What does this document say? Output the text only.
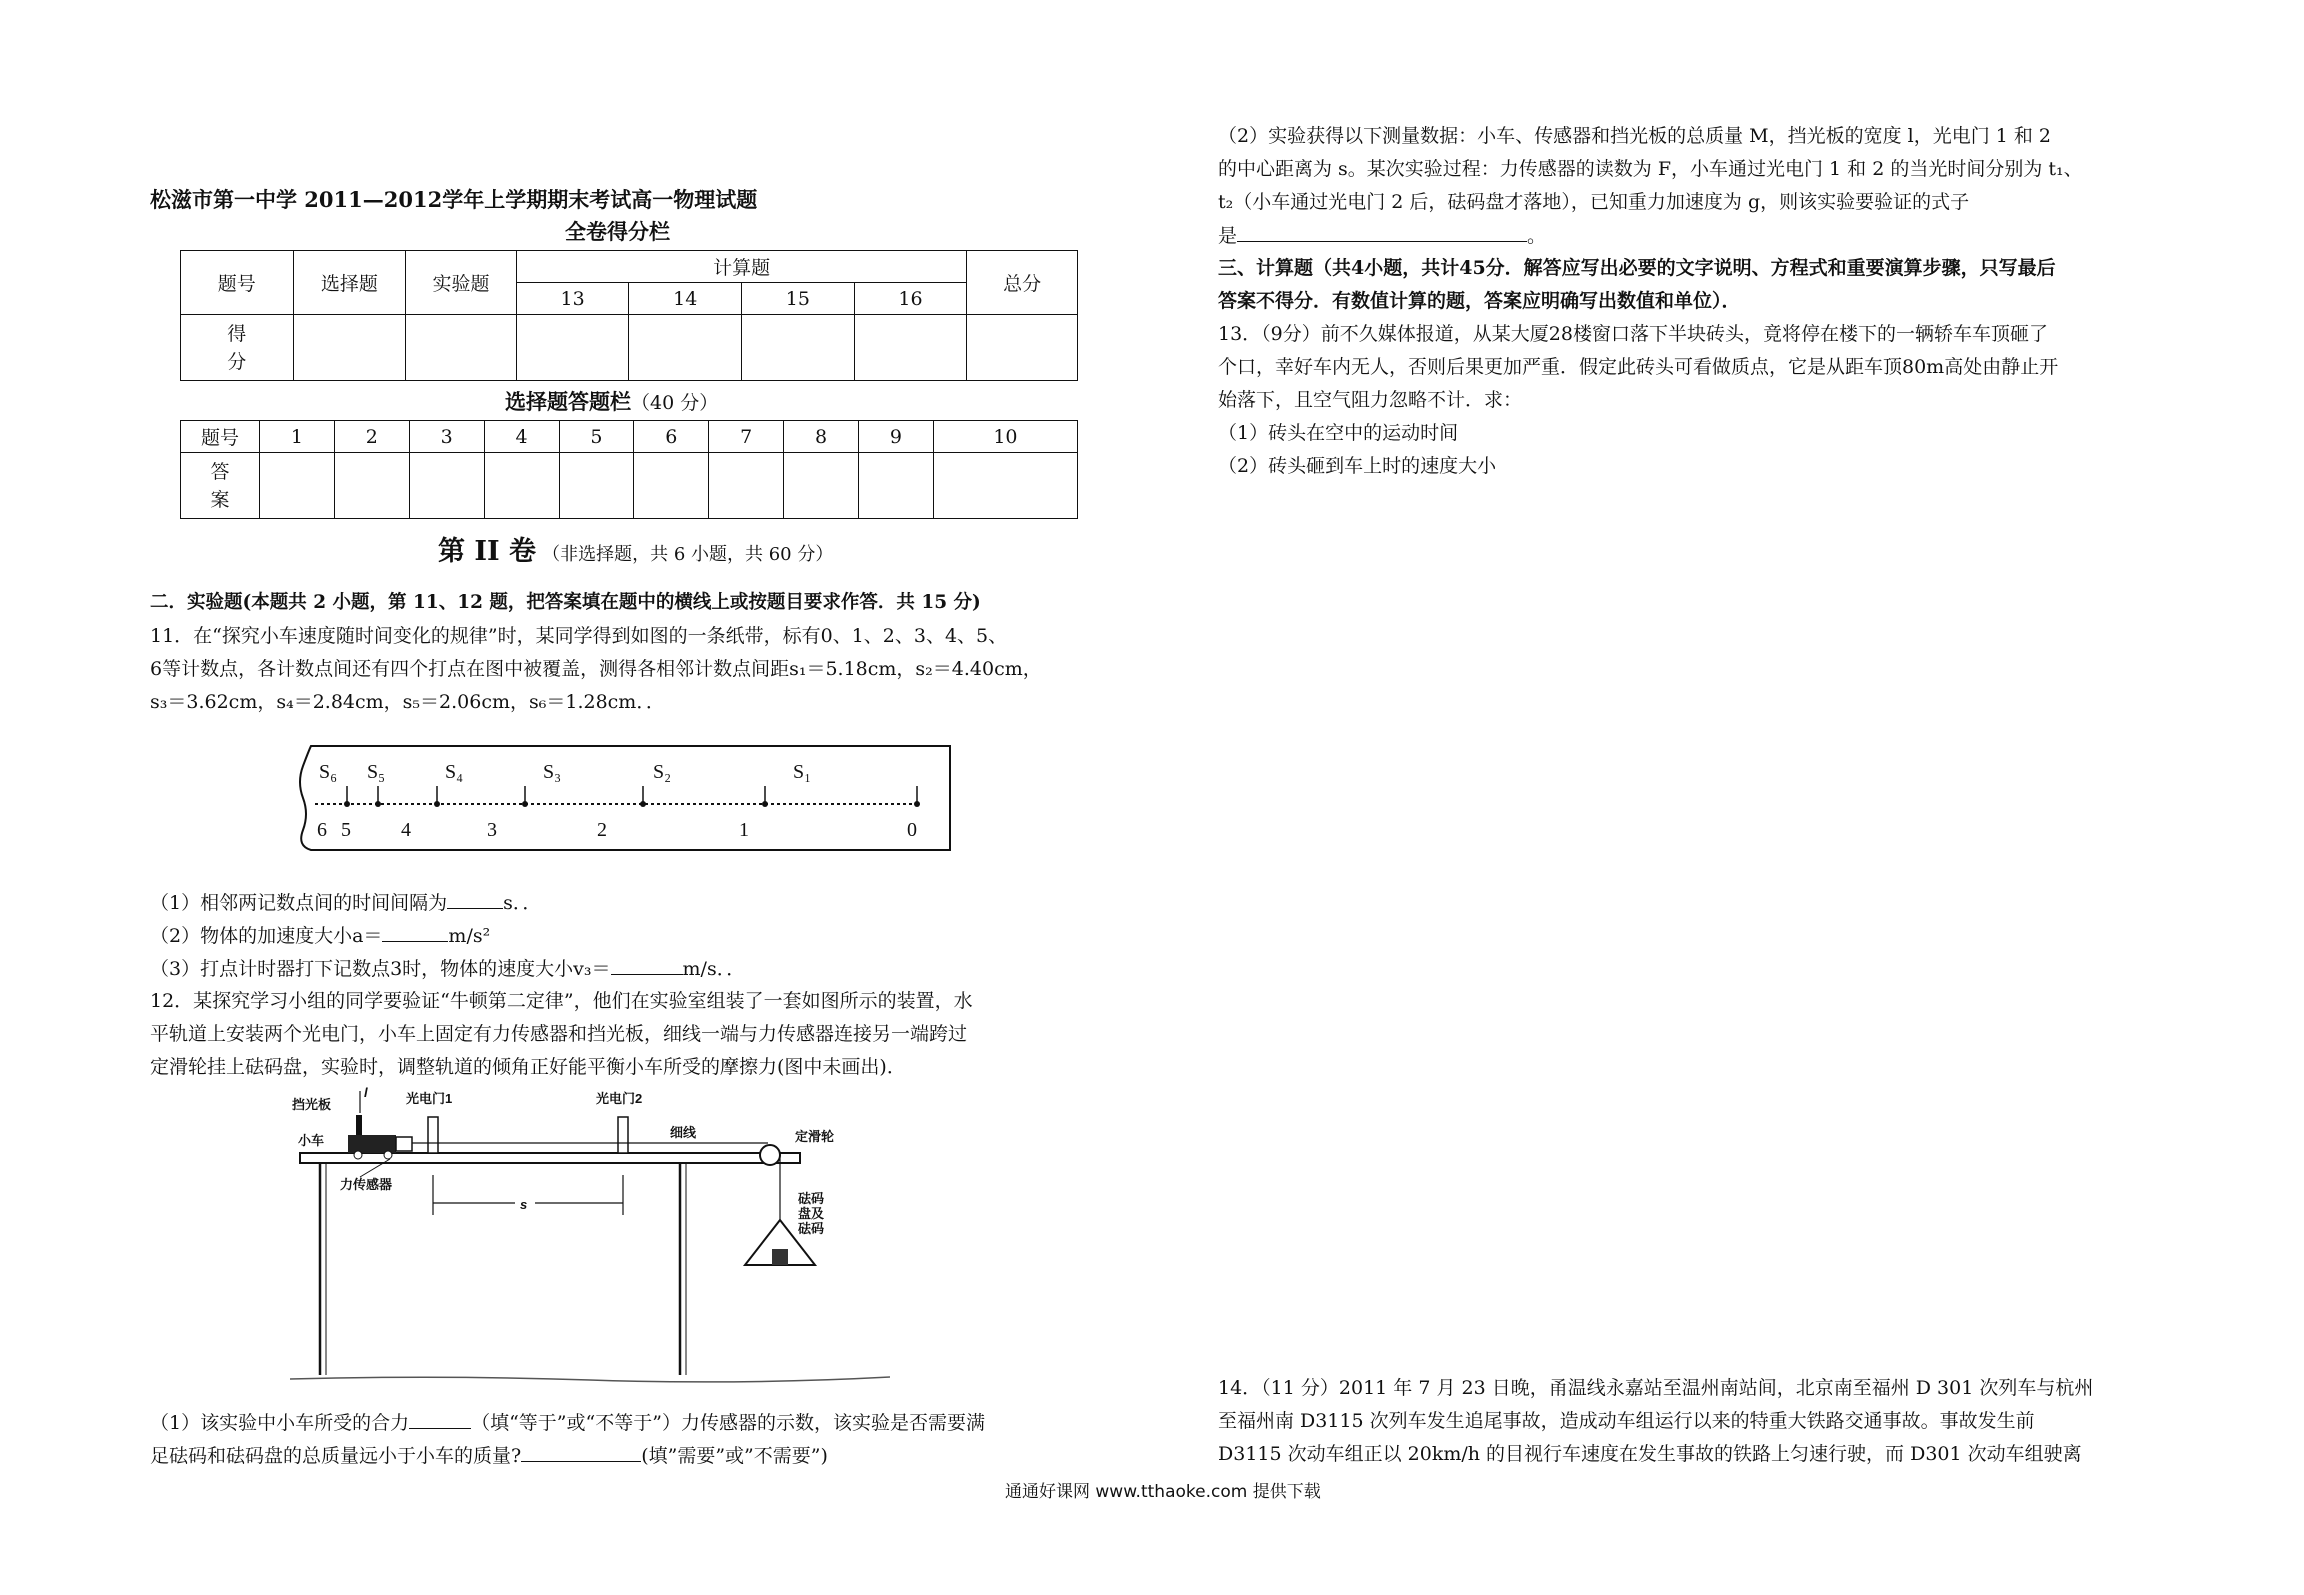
松滋市第一中学 2011—2012学年上学期期末考试高一物理试题
全卷得分栏
题号	选择题	实验题	计算题				总分
			13	14	15	16	
得
分							
选择题答题栏（40 分）
题号	1	2	3	4	5	6	7	8	9	10
答
案										
第 II 卷 （非选择题，共 6 小题，共 60 分）
二．实验题(本题共 2 小题，第 11、12 题，把答案填在题中的横线上或按题目要求作答．共 15 分)
11．在“探究小车速度随时间变化的规律”时，某同学得到如图的一条纸带，标有0、1、2、3、4、5、
6等计数点，各计数点间还有四个打点在图中被覆盖，测得各相邻计数点间距s₁＝5.18cm，s₂＝4.40cm，
s₃＝3.62cm，s₄＝2.84cm，s₅＝2.06cm，s₆＝1.28cm．．
S₆ S₅	S₄	S₃	S₂	S₁
6 5	4	3	2	1	0
（1）相邻两记数点间的时间间隔为	s．．
（2）物体的加速度大小a＝	m/s²
（3）打点计时器打下记数点3时，物体的速度大小v₃＝	m/s．．
12．某探究学习小组的同学要验证“牛顿第二定律”，他们在实验室组装了一套如图所示的装置，水
平轨道上安装两个光电门，小车上固定有力传感器和挡光板，细线一端与力传感器连接另一端跨过
定滑轮挂上砝码盘，实验时，调整轨道的倾角正好能平衡小车所受的摩擦力(图中未画出)．
挡光板
l	光电门1	光电门2
小车
细线	定滑轮
力传感器
s	砝码
盘及
砝码
（1）该实验中小车所受的合力	（填“等于”或“不等于”）力传感器的示数，该实验是否需要满
足砝码和砝码盘的总质量远小于小车的质量?	(填”需要”或”不需要”)
（2）实验获得以下测量数据：小车、传感器和挡光板的总质量 M，挡光板的宽度 l，光电门 1 和 2
的中心距离为 s。某次实验过程：力传感器的读数为 F，小车通过光电门 1 和 2 的当光时间分别为 t₁、
t₂（小车通过光电门 2 后，砝码盘才落地），已知重力加速度为 g，则该实验要验证的式子
是	。
三、计算题（共4小题，共计45分．解答应写出必要的文字说明、方程式和重要演算步骤，只写最后
答案不得分．有数值计算的题，答案应明确写出数值和单位）．
13．（9分）前不久媒体报道，从某大厦28楼窗口落下半块砖头，竟将停在楼下的一辆轿车车顶砸了
个口，幸好车内无人，否则后果更加严重．假定此砖头可看做质点，它是从距车顶80m高处由静止开
始落下，且空气阻力忽略不计．求：
（1）砖头在空中的运动时间
（2）砖头砸到车上时的速度大小
14．（11 分）2011 年 7 月 23 日晚，甬温线永嘉站至温州南站间，北京南至福州 D 301 次列车与杭州
至福州南 D3115 次列车发生追尾事故，造成动车组运行以来的特重大铁路交通事故。事故发生前
D3115 次动车组正以 20km/h 的目视行车速度在发生事故的铁路上匀速行驶，而 D301 次动车组驶离
通通好课网 www.tthaoke.com 提供下载
